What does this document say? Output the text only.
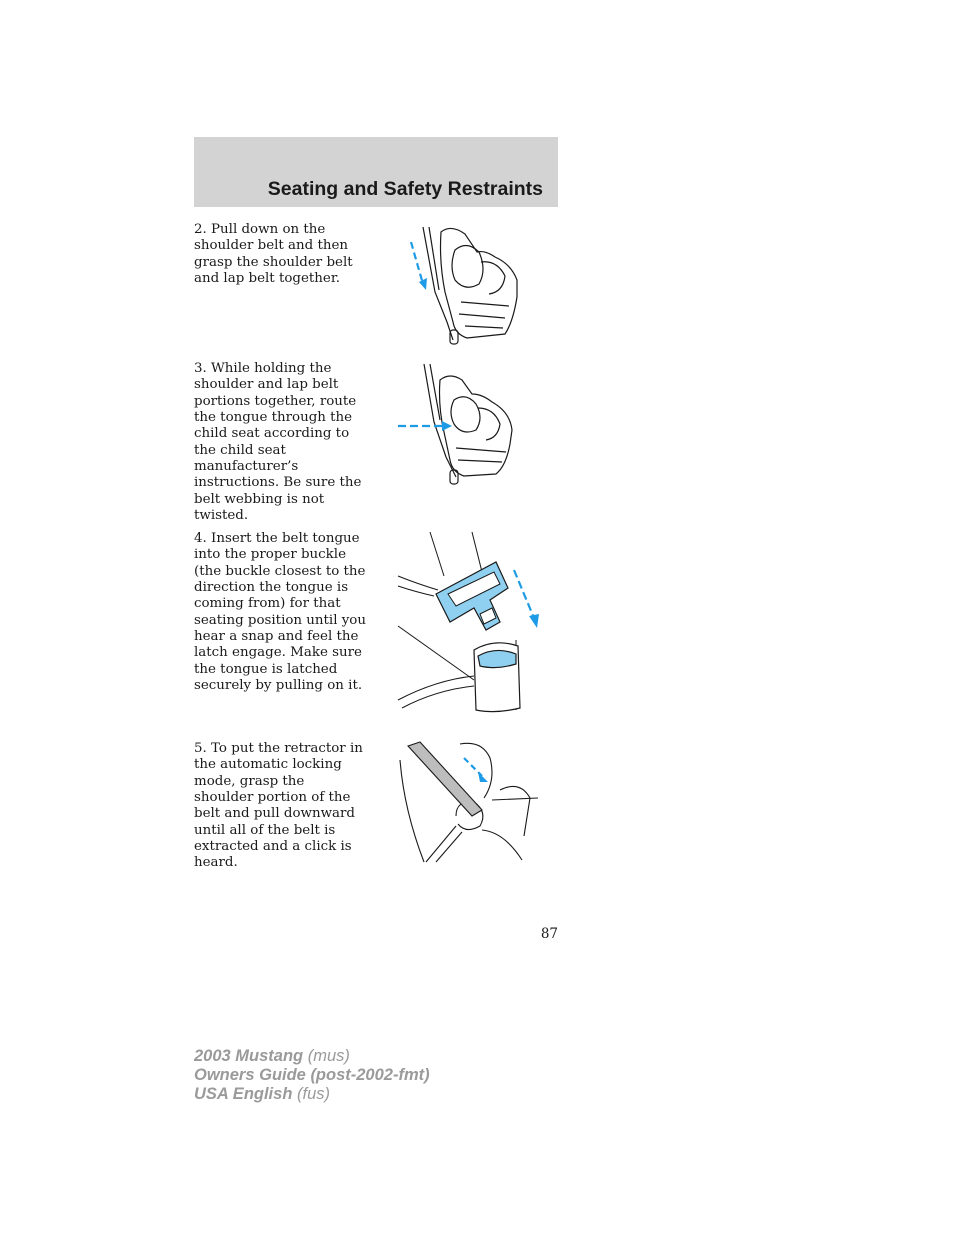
Seating and Safety Restraints
2. Pull down on the shoulder belt and then grasp the shoulder belt and lap belt together.
3. While holding the shoulder and lap belt portions together, route the tongue through the child seat according to the child seat manufacturer’s instructions. Be sure the belt webbing is not twisted.
4. Insert the belt tongue into the proper buckle (the buckle closest to the direction the tongue is coming from) for that seating position until you hear a snap and feel the latch engage. Make sure the tongue is latched securely by pulling on it.
5. To put the retractor in the automatic locking mode, grasp the shoulder portion of the belt and pull downward until all of the belt is extracted and a click is heard.
87
2003 Mustang (mus)
Owners Guide (post-2002-fmt)
USA English (fus)
